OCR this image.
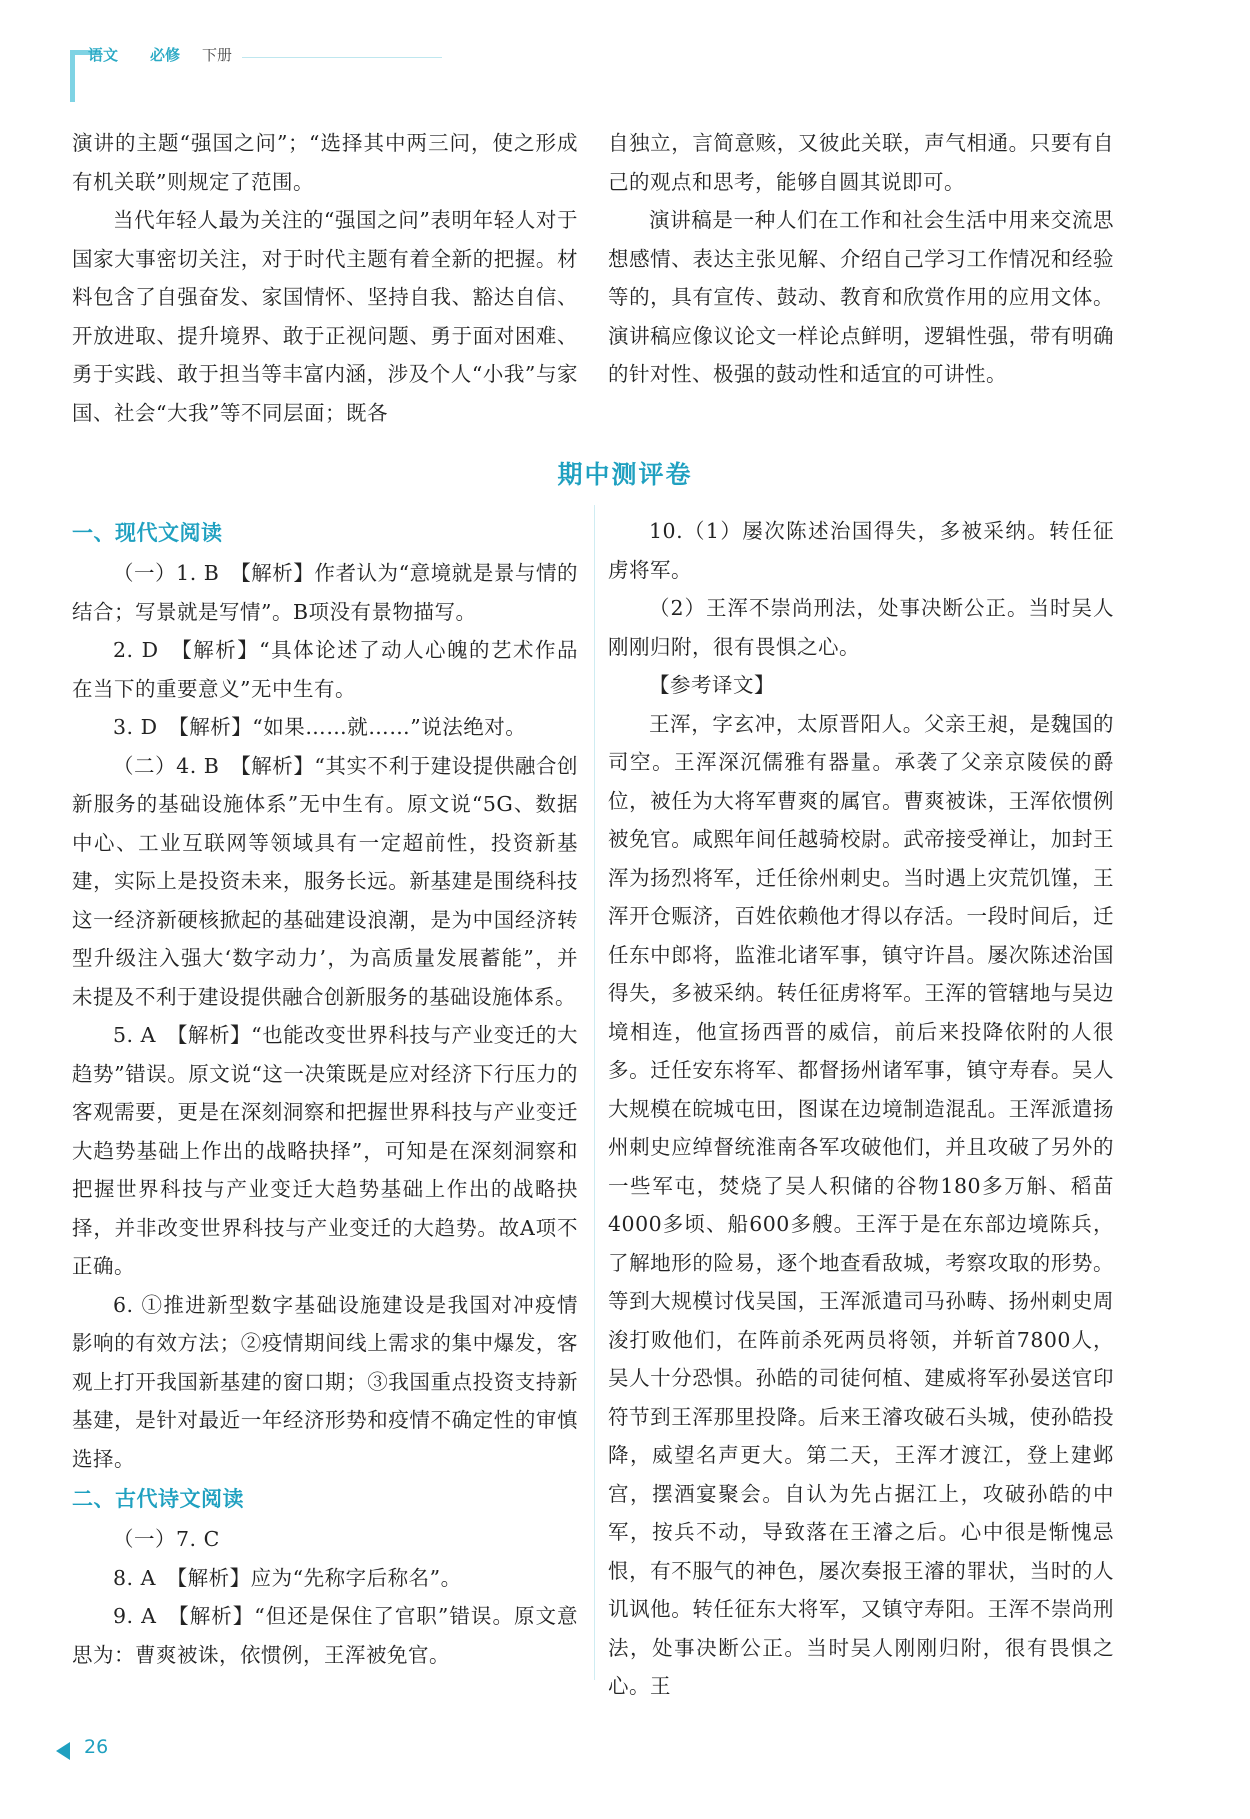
语文 必修 下册

演讲的主题“强国之问”；“选择其中两三问，使之形成有机关联”则规定了范围。

当代年轻人最为关注的“强国之问”表明年轻人对于国家大事密切关注，对于时代主题有着全新的把握。材料包含了自强奋发、家国情怀、坚持自我、豁达自信、开放进取、提升境界、敢于正视问题、勇于面对困难、勇于实践、敢于担当等丰富内涵，涉及个人“小我”与家国、社会“大我”等不同层面；既各

自独立，言简意赅，又彼此关联，声气相通。只要有自己的观点和思考，能够自圆其说即可。

演讲稿是一种人们在工作和社会生活中用来交流思想感情、表达主张见解、介绍自己学习工作情况和经验等的，具有宣传、鼓动、教育和欣赏作用的应用文体。演讲稿应像议论文一样论点鲜明，逻辑性强，带有明确的针对性、极强的鼓动性和适宜的可讲性。

期中测评卷
一、现代文阅读

（一）1. B　【解析】作者认为“意境就是景与情的结合；写景就是写情”。B项没有景物描写。

2. D　【解析】“具体论述了动人心魄的艺术作品在当下的重要意义”无中生有。

3. D　【解析】“如果……就……”说法绝对。

（二）4. B　【解析】“其实不利于建设提供融合创新服务的基础设施体系”无中生有。原文说“5G、数据中心、工业互联网等领域具有一定超前性，投资新基建，实际上是投资未来，服务长远。新基建是围绕科技这一经济新硬核掀起的基础建设浪潮，是为中国经济转型升级注入强大‘数字动力’，为高质量发展蓄能”，并未提及不利于建设提供融合创新服务的基础设施体系。

5. A　【解析】“也能改变世界科技与产业变迁的大趋势”错误。原文说“这一决策既是应对经济下行压力的客观需要，更是在深刻洞察和把握世界科技与产业变迁大趋势基础上作出的战略抉择”，可知是在深刻洞察和把握世界科技与产业变迁大趋势基础上作出的战略抉择，并非改变世界科技与产业变迁的大趋势。故A项不正确。

6. ①推进新型数字基础设施建设是我国对冲疫情影响的有效方法；②疫情期间线上需求的集中爆发，客观上打开我国新基建的窗口期；③我国重点投资支持新基建，是针对最近一年经济形势和疫情不确定性的审慎选择。

二、古代诗文阅读

（一）7. C

8. A　【解析】应为“先称字后称名”。

9. A　【解析】“但还是保住了官职”错误。原文意思为：曹爽被诛，依惯例，王浑被免官。

10.（1）屡次陈述治国得失，多被采纳。转任征虏将军。

（2）王浑不崇尚刑法，处事决断公正。当时吴人刚刚归附，很有畏惧之心。

【参考译文】

王浑，字玄冲，太原晋阳人。父亲王昶，是魏国的司空。王浑深沉儒雅有器量。承袭了父亲京陵侯的爵位，被任为大将军曹爽的属官。曹爽被诛，王浑依惯例被免官。咸熙年间任越骑校尉。武帝接受禅让，加封王浑为扬烈将军，迁任徐州刺史。当时遇上灾荒饥馑，王浑开仓赈济，百姓依赖他才得以存活。一段时间后，迁任东中郎将，监淮北诸军事，镇守许昌。屡次陈述治国得失，多被采纳。转任征虏将军。王浑的管辖地与吴边境相连，他宣扬西晋的威信，前后来投降依附的人很多。迁任安东将军、都督扬州诸军事，镇守寿春。吴人大规模在皖城屯田，图谋在边境制造混乱。王浑派遣扬州刺史应绰督统淮南各军攻破他们，并且攻破了另外的一些军屯，焚烧了吴人积储的谷物180多万斛、稻苗4000多顷、船600多艘。王浑于是在东部边境陈兵，了解地形的险易，逐个地查看敌城，考察攻取的形势。等到大规模讨伐吴国，王浑派遣司马孙畴、扬州刺史周浚打败他们，在阵前杀死两员将领，并斩首7800人，吴人十分恐惧。孙皓的司徒何植、建威将军孙晏送官印符节到王浑那里投降。后来王濬攻破石头城，使孙皓投降，威望名声更大。第二天，王浑才渡江，登上建邺宫，摆酒宴聚会。自认为先占据江上，攻破孙皓的中军，按兵不动，导致落在王濬之后。心中很是惭愧忌恨，有不服气的神色，屡次奏报王濬的罪状，当时的人讥讽他。转任征东大将军，又镇守寿阳。王浑不崇尚刑法，处事决断公正。当时吴人刚刚归附，很有畏惧之心。王

26
